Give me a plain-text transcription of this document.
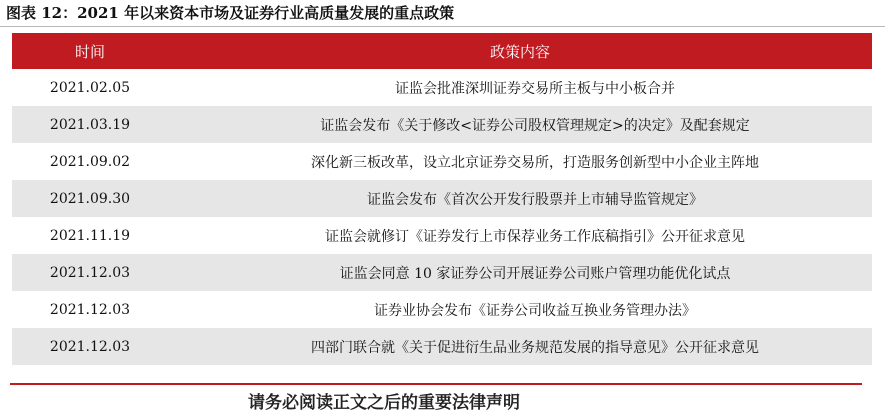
图表 12：2021 年以来资本市场及证券行业高质量发展的重点政策
时间	政策内容
2021.02.05	证监会批准深圳证券交易所主板与中小板合并
2021.03.19	证监会发布《关于修改<证券公司股权管理规定>的决定》及配套规定
2021.09.02	深化新三板改革，设立北京证券交易所，打造服务创新型中小企业主阵地
2021.09.30	证监会发布《首次公开发行股票并上市辅导监管规定》
2021.11.19	证监会就修订《证券发行上市保荐业务工作底稿指引》公开征求意见
2021.12.03	证监会同意 10 家证券公司开展证券公司账户管理功能优化试点
2021.12.03	证券业协会发布《证券公司收益互换业务管理办法》
2021.12.03	四部门联合就《关于促进衍生品业务规范发展的指导意见》公开征求意见
请务必阅读正文之后的重要法律声明
